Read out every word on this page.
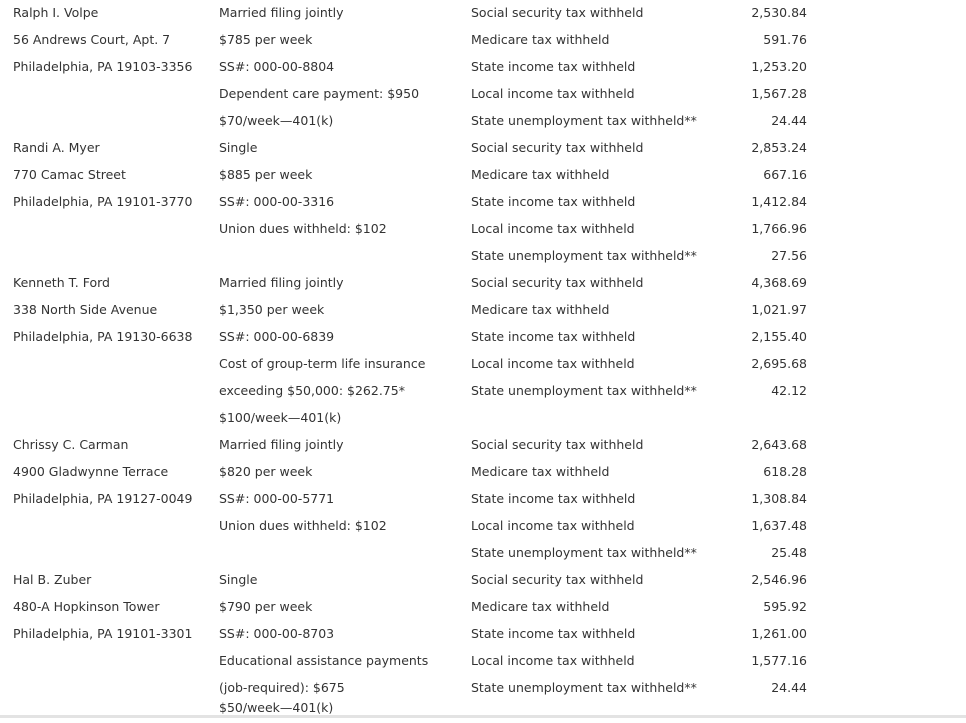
Ralph I. Volpe
56 Andrews Court, Apt. 7
Philadelphia, PA 19103-3356
Married filing jointly
$785 per week
SS#: 000-00-8804
Dependent care payment: $950
$70/week—401(k)
Social security tax withheld
Medicare tax withheld
State income tax withheld
Local income tax withheld
State unemployment tax withheld**
2,530.84
591.76
1,253.20
1,567.28
24.44
Randi A. Myer
770 Camac Street
Philadelphia, PA 19101-3770
Single
$885 per week
SS#: 000-00-3316
Union dues withheld: $102
Social security tax withheld
Medicare tax withheld
State income tax withheld
Local income tax withheld
State unemployment tax withheld**
2,853.24
667.16
1,412.84
1,766.96
27.56
Kenneth T. Ford
338 North Side Avenue
Philadelphia, PA 19130-6638
Married filing jointly
$1,350 per week
SS#: 000-00-6839
Cost of group-term life insurance
exceeding $50,000: $262.75*
$100/week—401(k)
Social security tax withheld
Medicare tax withheld
State income tax withheld
Local income tax withheld
State unemployment tax withheld**
4,368.69
1,021.97
2,155.40
2,695.68
42.12
Chrissy C. Carman
4900 Gladwynne Terrace
Philadelphia, PA 19127-0049
Married filing jointly
$820 per week
SS#: 000-00-5771
Union dues withheld: $102
Social security tax withheld
Medicare tax withheld
State income tax withheld
Local income tax withheld
State unemployment tax withheld**
2,643.68
618.28
1,308.84
1,637.48
25.48
Hal B. Zuber
480-A Hopkinson Tower
Philadelphia, PA 19101-3301
Single
$790 per week
SS#: 000-00-8703
Educational assistance payments
(job-required): $675
$50/week—401(k)
Social security tax withheld
Medicare tax withheld
State income tax withheld
Local income tax withheld
State unemployment tax withheld**
2,546.96
595.92
1,261.00
1,577.16
24.44
